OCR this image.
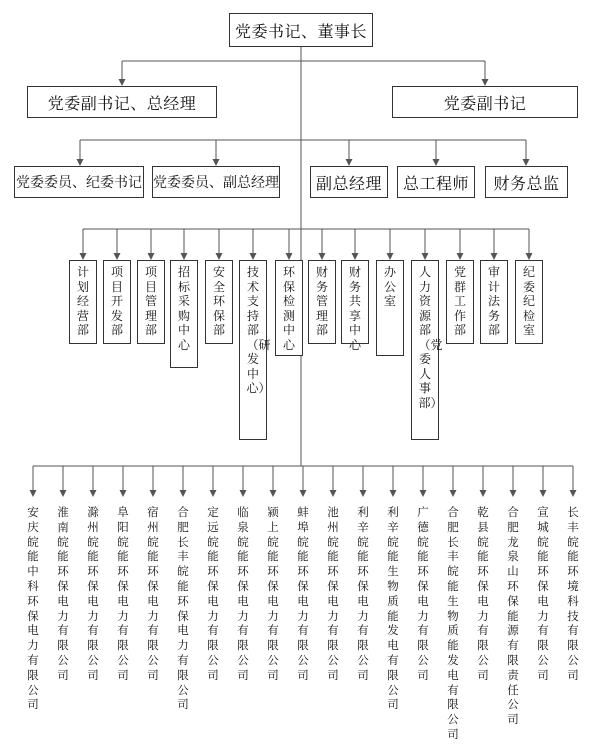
党委书记、董事长
党委副书记、总经理	党委副书记
党委委员、纪委书记 党委委员、副总经理	副总经理	总工程师	财务总监
计划经营部
项目开发部
项目管理部
招标采购中心
安全环保部
技术支持部（研发中心）
环保检测中心
财务管理部
财务共享中心
办公室
人力资源部（党委人事部）
党群工作部
审计法务部
纪委纪检室
安庆皖能中科环保电力有限公司
淮南皖能环保电力有限公司
滁州皖能环保电力有限公司
阜阳皖能环保电力有限公司
宿州皖能环保电力有限公司
合肥长丰皖能环保电力有限公司
定远皖能环保电力有限公司
临泉皖能环保电力有限公司
颍上皖能环保电力有限公司
蚌埠皖能环保电力有限公司
池州皖能环保电力有限公司
利辛皖能环保电力有限公司
利辛皖能生物质能发电有限公司
广德皖能环保电力有限公司
合肥长丰皖能生物质能发电有限公司
乾县皖能环保电力有限公司
合肥龙泉山环保能源有限责任公司
宣城皖能环保电力有限公司
长丰皖能环境科技有限公司
